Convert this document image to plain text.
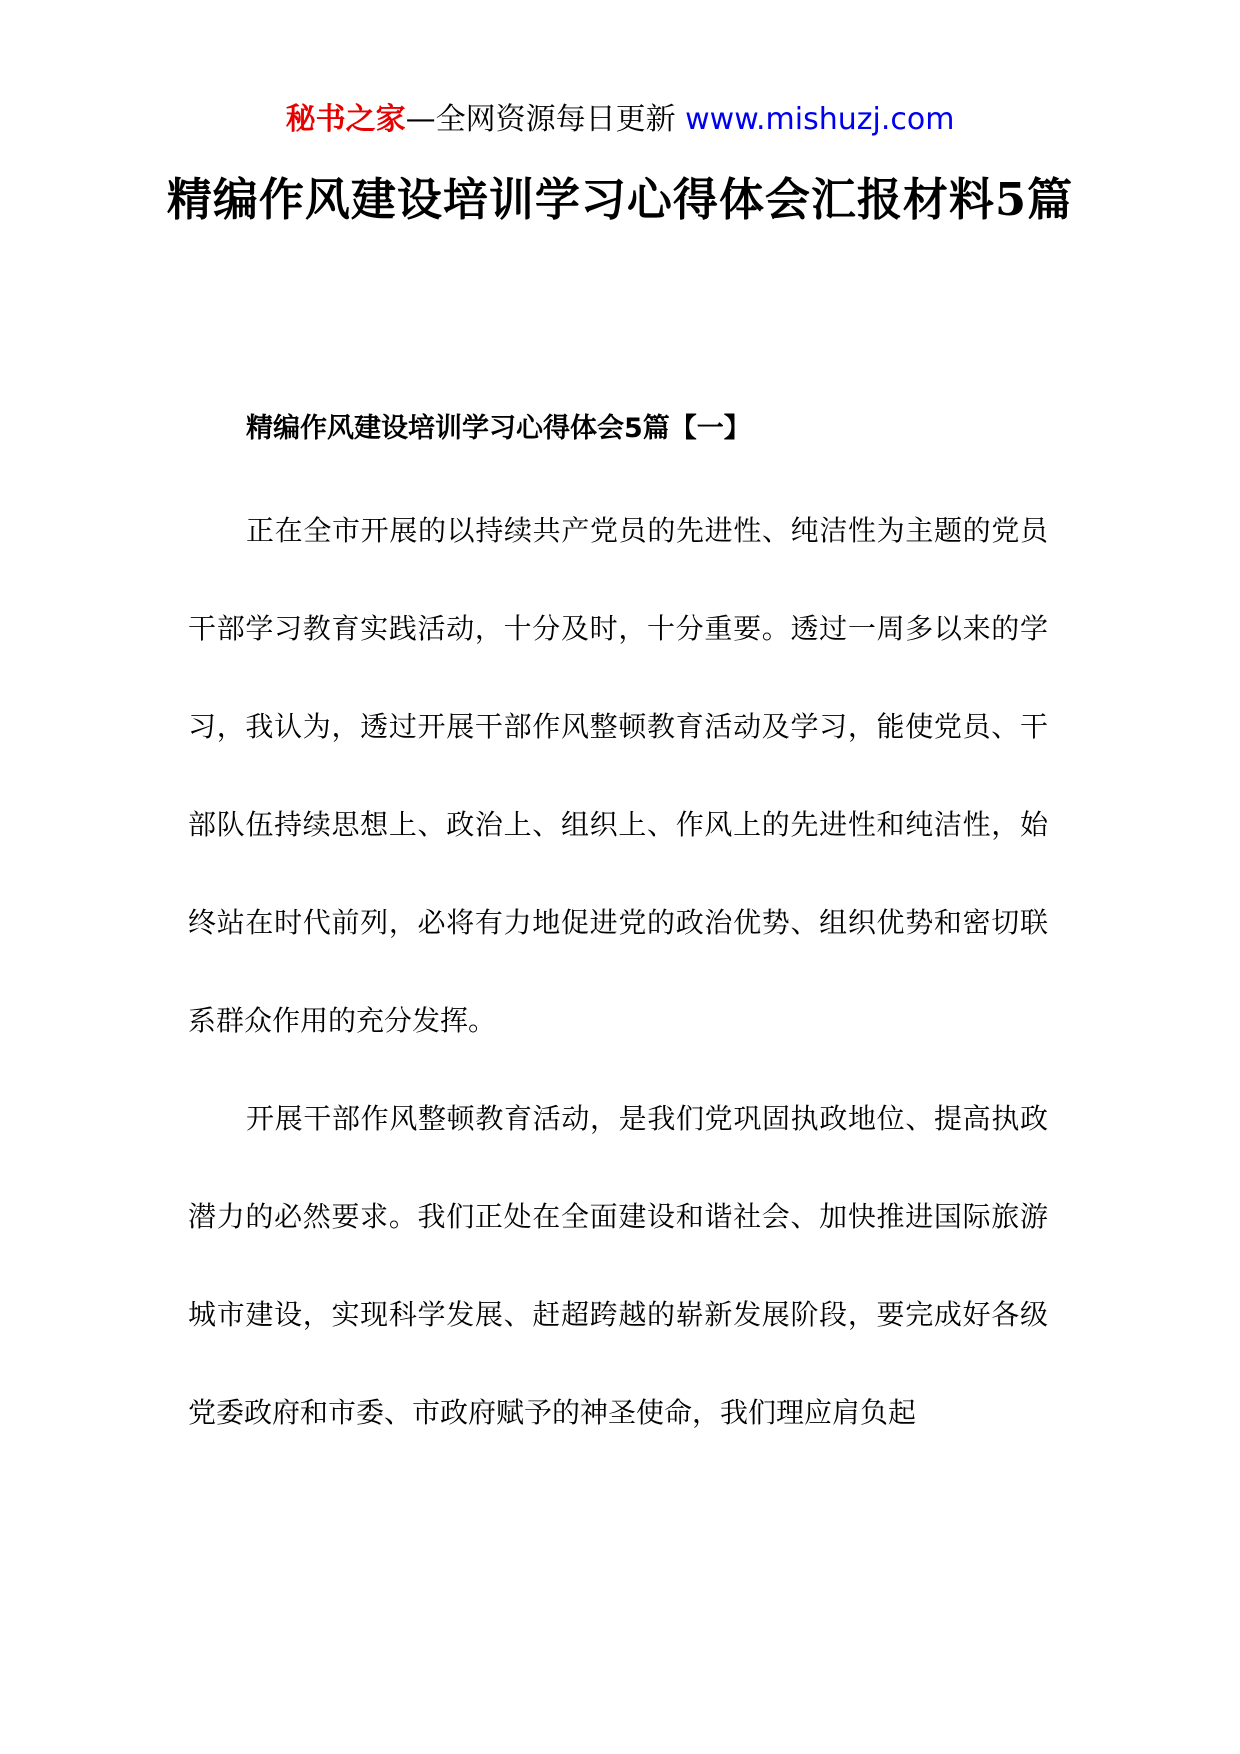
秘书之家—全网资源每日更新 www.mishuzj.com
精编作风建设培训学习心得体会汇报材料5篇

精编作风建设培训学习心得体会5篇【一】

正在全市开展的以持续共产党员的先进性、纯洁性为主题的党员干部学习教育实践活动，十分及时，十分重要。透过一周多以来的学习，我认为，透过开展干部作风整顿教育活动及学习，能使党员、干部队伍持续思想上、政治上、组织上、作风上的先进性和纯洁性，始终站在时代前列，必将有力地促进党的政治优势、组织优势和密切联系群众作用的充分发挥。

开展干部作风整顿教育活动，是我们党巩固执政地位、提高执政潜力的必然要求。我们正处在全面建设和谐社会、加快推进国际旅游城市建设，实现科学发展、赶超跨越的崭新发展阶段，要完成好各级党委政府和市委、市政府赋予的神圣使命，我们理应肩负起
